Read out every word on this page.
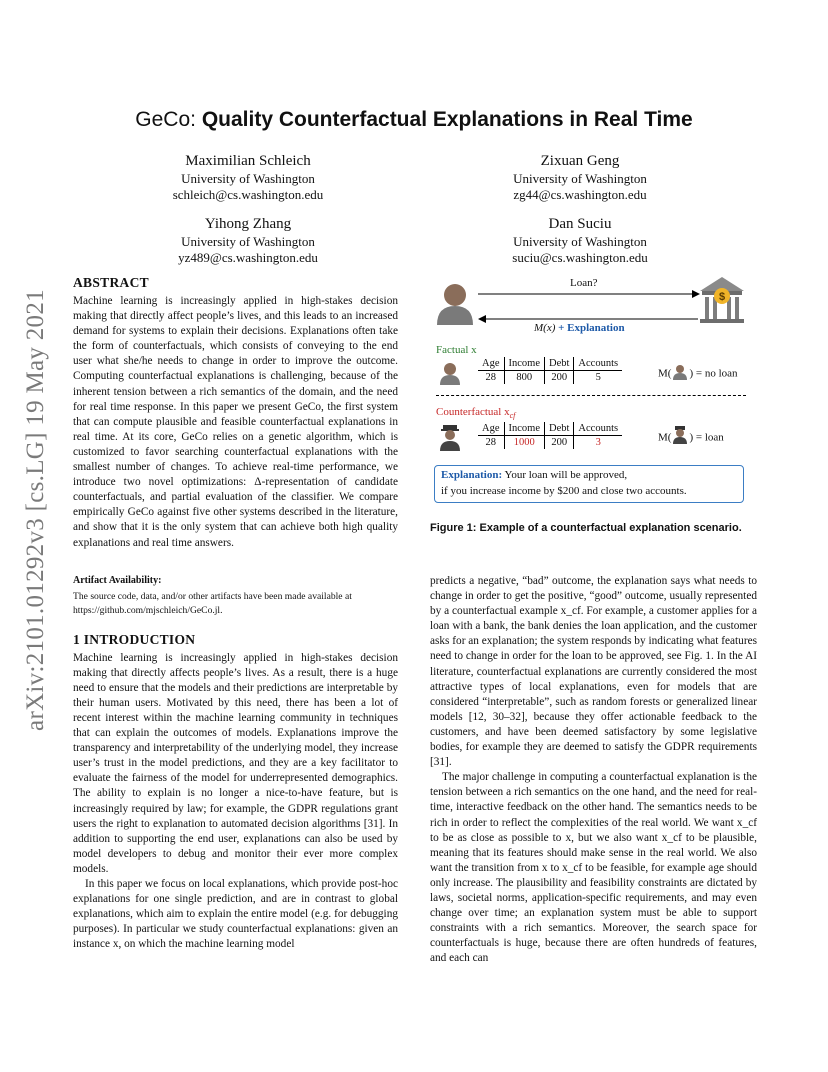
arXiv:2101.01292v3 [cs.LG] 19 May 2021
GeCo: Quality Counterfactual Explanations in Real Time
Maximilian Schleich
University of Washington
schleich@cs.washington.edu
Zixuan Geng
University of Washington
zg44@cs.washington.edu
Yihong Zhang
University of Washington
yz489@cs.washington.edu
Dan Suciu
University of Washington
suciu@cs.washington.edu
ABSTRACT
Machine learning is increasingly applied in high-stakes decision making that directly affect people’s lives, and this leads to an increased demand for systems to explain their decisions. Explanations often take the form of counterfactuals, which consists of conveying to the end user what she/he needs to change in order to improve the outcome. Computing counterfactual explanations is challenging, because of the inherent tension between a rich semantics of the domain, and the need for real time response. In this paper we present GeCo, the first system that can compute plausible and feasible counterfactual explanations in real time. At its core, GeCo relies on a genetic algorithm, which is customized to favor searching counterfactual explanations with the smallest number of changes. To achieve real-time performance, we introduce two novel optimizations: Δ-representation of candidate counterfactuals, and partial evaluation of the classifier. We compare empirically GeCo against five other systems described in the literature, and show that it is the only system that can achieve both high quality explanations and real time answers.
Artifact Availability:
The source code, data, and/or other artifacts have been made available at
https://github.com/mjschleich/GeCo.jl.
1 INTRODUCTION
Machine learning is increasingly applied in high-stakes decision making that directly affects people’s lives. As a result, there is a huge need to ensure that the models and their predictions are interpretable by their human users. Motivated by this need, there has been a lot of recent interest within the machine learning community in techniques that can explain the outcomes of models. Explanations improve the transparency and interpretability of the underlying model, they increase user’s trust in the model predictions, and they are a key facilitator to evaluate the fairness of the model for underrepresented demographics. The ability to explain is no longer a nice-to-have feature, but is increasingly required by law; for example, the GDPR regulations grant users the right to explanation to automated decision algorithms [31]. In addition to supporting the end user, explanations can also be used by model developers to debug and monitor their ever more complex models.
In this paper we focus on local explanations, which provide post-hoc explanations for one single prediction, and are in contrast to global explanations, which aim to explain the entire model (e.g. for debugging purposes). In particular we study counterfactual explanations: given an instance x, on which the machine learning model
$
Loan?
M(x) + Explanation
Factual x
Age	Income	Debt	Accounts
28	800	200	5	M( ) = no loan
Counterfactual $x_{cf}$
Age	Income	Debt	Accounts
28	1000	200	3	M( ) = loan
Explanation: Your loan will be approved,
if you increase income by $200 and close two accounts.
Figure 1: Example of a counterfactual explanation scenario.
predicts a negative, “bad” outcome, the explanation says what needs to change in order to get the positive, “good” outcome, usually represented by a counterfactual example x_cf. For example, a customer applies for a loan with a bank, the bank denies the loan application, and the customer asks for an explanation; the system responds by indicating what features need to change in order for the loan to be approved, see Fig. 1. In the AI literature, counterfactual explanations are currently considered the most attractive types of local explanations, even for models that are considered “interpretable”, such as random forests or generalized linear models [12, 30–32], because they offer actionable feedback to the customers, and have been deemed satisfactory by some legislative bodies, for example they are deemed to satisfy the GDPR requirements [31].
The major challenge in computing a counterfactual explanation is the tension between a rich semantics on the one hand, and the need for real-time, interactive feedback on the other hand. The semantics needs to be rich in order to reflect the complexities of the real world. We want x_cf to be as close as possible to x, but we also want x_cf to be plausible, meaning that its features should make sense in the real world. We also want the transition from x to x_cf to be feasible, for example age should only increase. The plausibility and feasibility constraints are dictated by laws, societal norms, application-specific requirements, and may even change over time; an explanation system must be able to support constraints with a rich semantics. Moreover, the search space for counterfactuals is huge, because there are often hundreds of features, and each can
